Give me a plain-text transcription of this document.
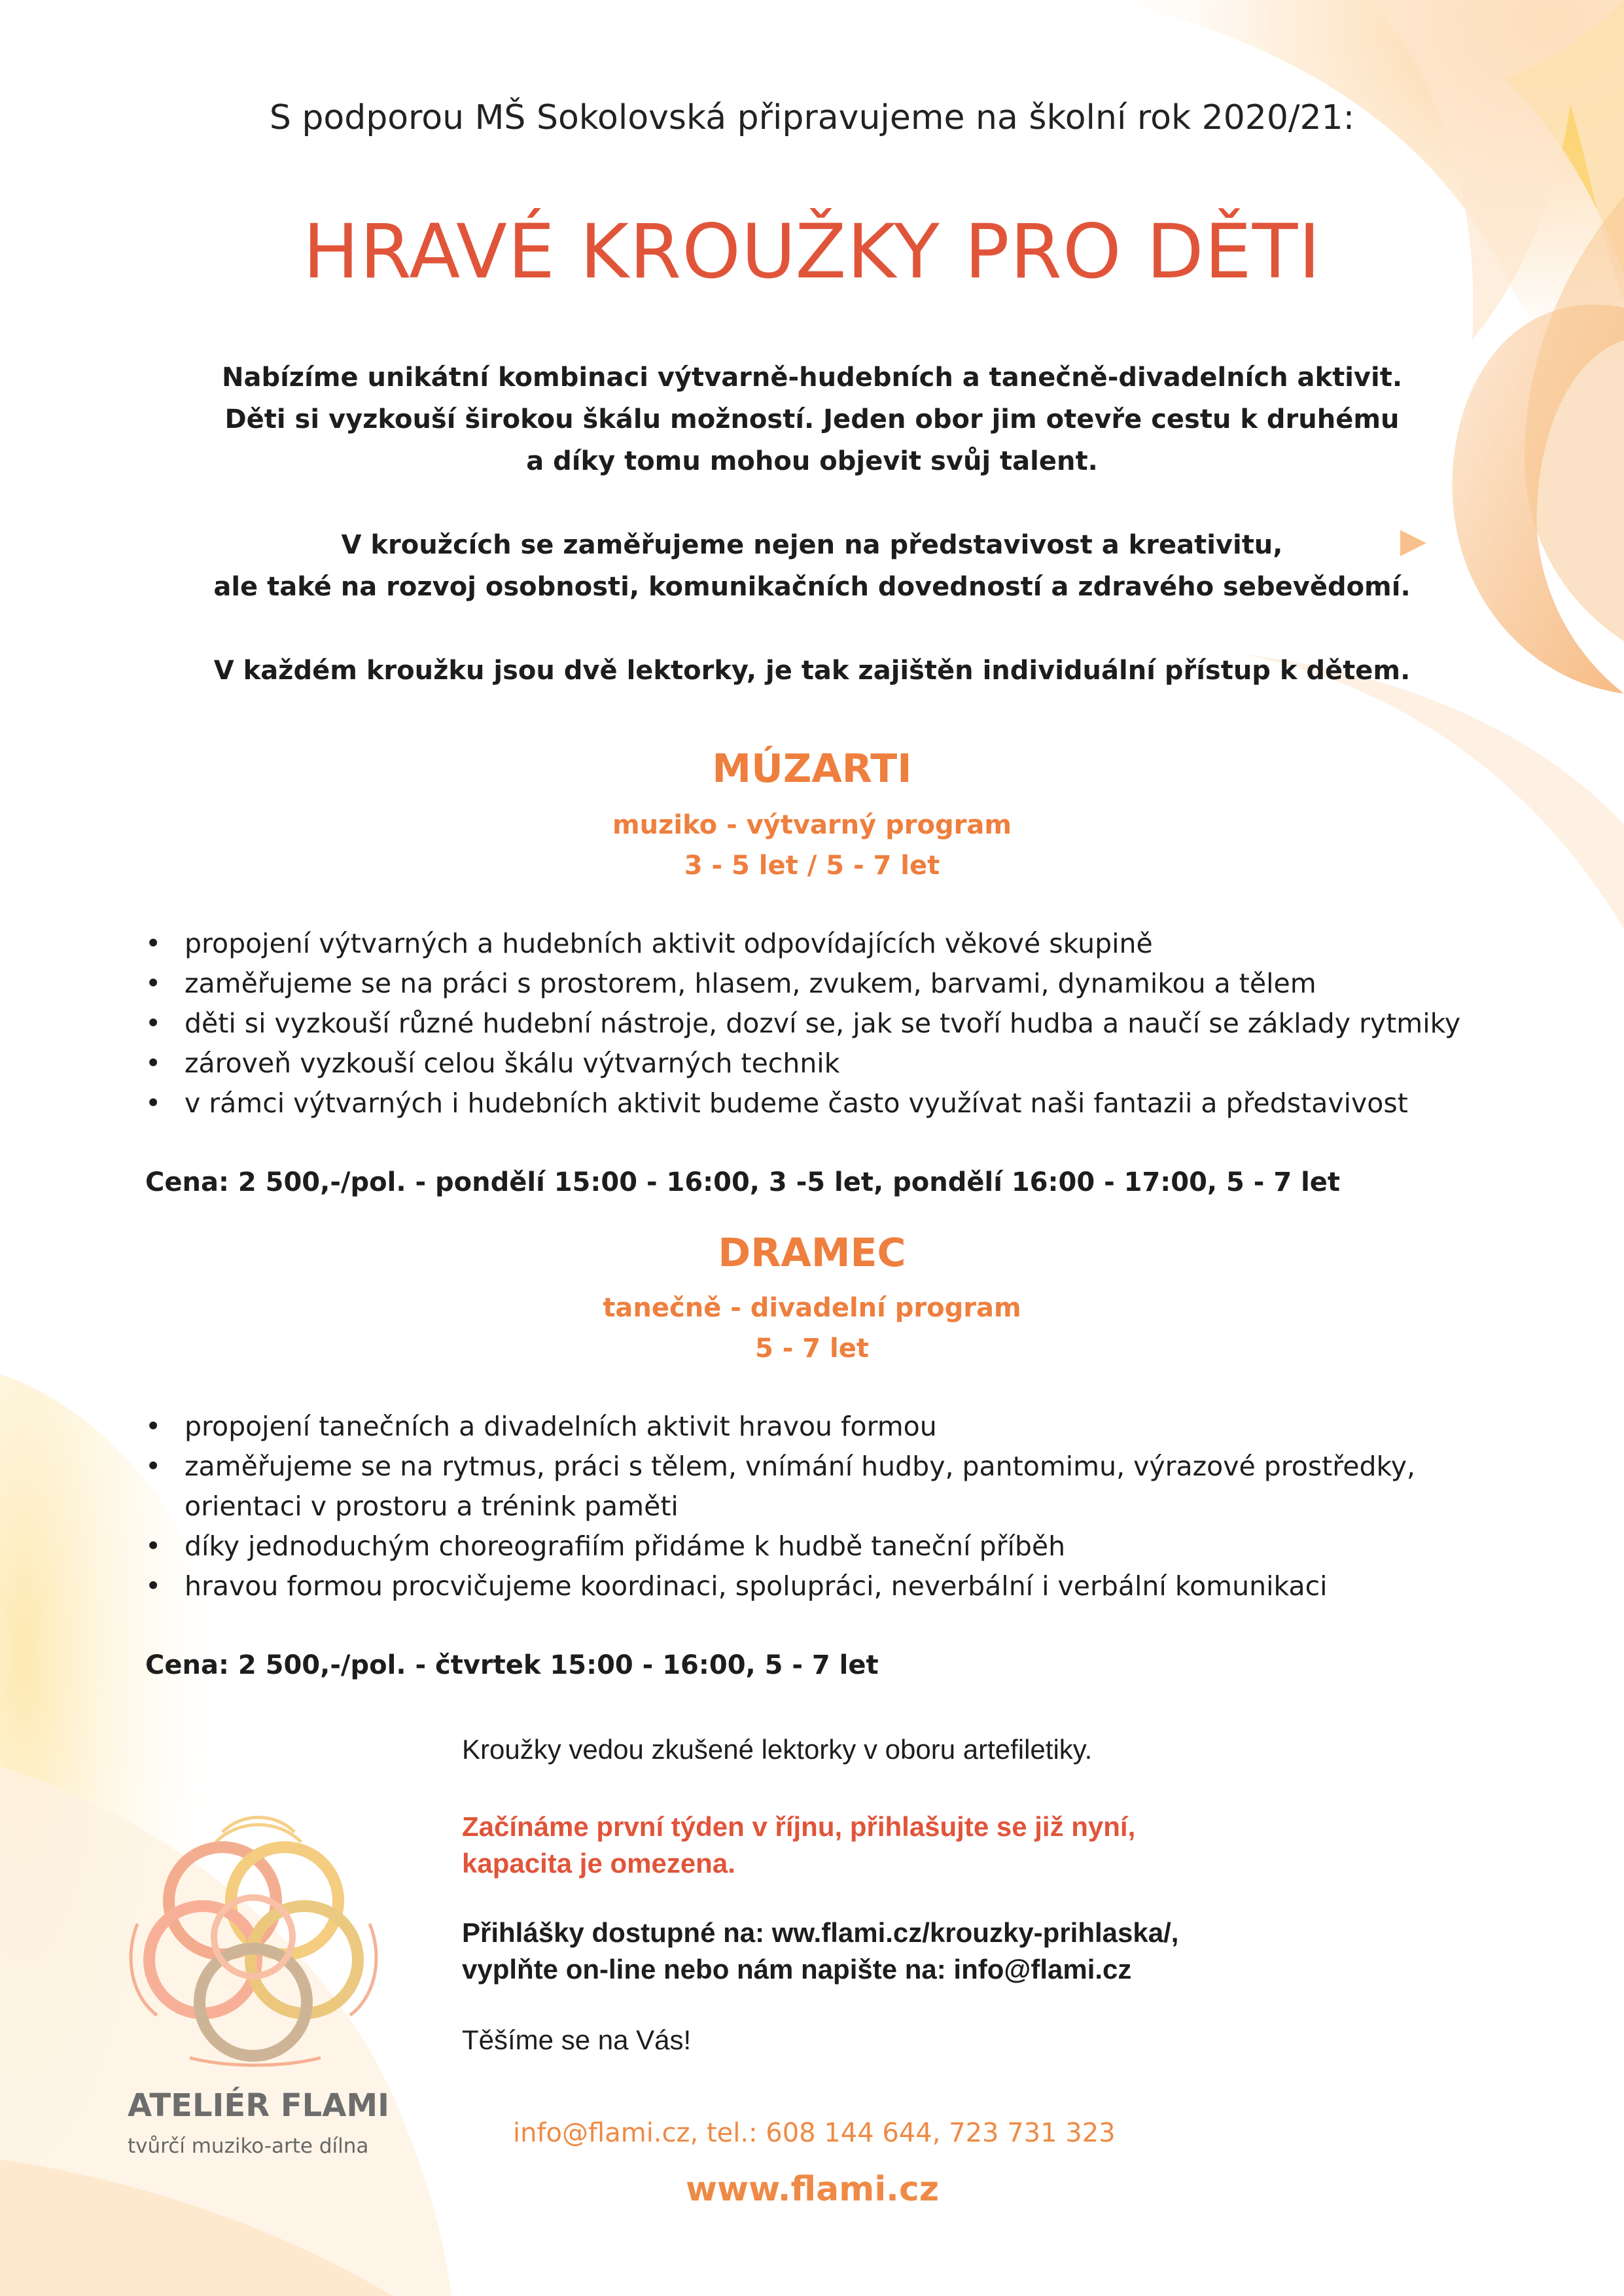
S podporou MŠ Sokolovská připravujeme na školní rok 2020/21:
HRAVÉ KROUŽKY PRO DĚTI

Nabízíme unikátní kombinaci výtvarně-hudebních a tanečně-divadelních aktivit.
Děti si vyzkouší širokou škálu možností. Jeden obor jim otevře cestu k druhému
a díky tomu mohou objevit svůj talent.

V kroužcích se zaměřujeme nejen na představivost a kreativitu,
ale také na rozvoj osobnosti, komunikačních dovedností a zdravého sebevědomí.

V každém kroužku jsou dvě lektorky, je tak zajištěn individuální přístup k dětem.

MÚZARTI
muziko - výtvarný program
3 - 5 let / 5 - 7 let
• propojení výtvarných a hudebních aktivit odpovídajících věkové skupině
• zaměřujeme se na práci s prostorem, hlasem, zvukem, barvami, dynamikou a tělem
• děti si vyzkouší různé hudební nástroje, dozví se, jak se tvoří hudba a naučí se základy rytmiky
• zároveň vyzkouší celou škálu výtvarných technik
• v rámci výtvarných i hudebních aktivit budeme často využívat naši fantazii a představivost
Cena: 2 500,-/pol. - pondělí 15:00 - 16:00, 3 -5 let, pondělí 16:00 - 17:00, 5 - 7 let
DRAMEC
tanečně - divadelní program
5 - 7 let
• propojení tanečních a divadelních aktivit hravou formou
• zaměřujeme se na rytmus, práci s tělem, vnímání hudby, pantomimu, výrazové prostředky, orientaci v prostoru a trénink paměti
• díky jednoduchým choreografiím přidáme k hudbě taneční příběh
• hravou formou procvičujeme koordinaci, spolupráci, neverbální i verbální komunikaci
Cena: 2 500,-/pol. - čtvrtek 15:00 - 16:00, 5 - 7 let
Kroužky vedou zkušené lektorky v oboru artefiletiky.
Začínáme první týden v říjnu, přihlašujte se již nyní,
kapacita je omezena.
Přihlášky dostupné na: ww.flami.cz/krouzky-prihlaska/,
vyplňte on-line nebo nám napište na: info@flami.cz
Těšíme se na Vás!
ATELIÉR FLAMI
tvůrčí muziko-arte dílna	info@flami.cz, tel.: 608 144 644, 723 731 323
www.flami.cz
